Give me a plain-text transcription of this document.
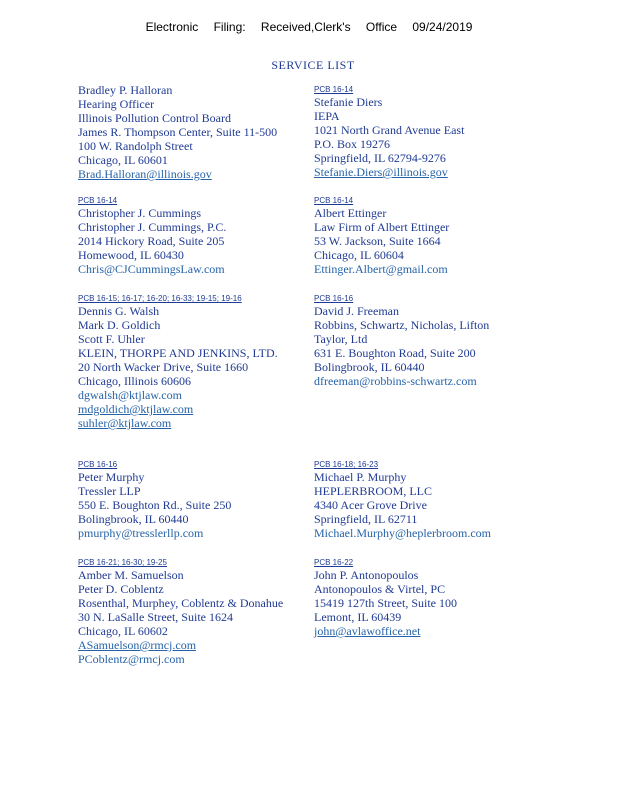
Electronic Filing: Received,Clerk's Office 09/24/2019
SERVICE LIST
Bradley P. Halloran
Hearing Officer
Illinois Pollution Control Board
James R. Thompson Center, Suite 11-500
100 W. Randolph Street
Chicago, IL 60601
Brad.Halloran@illinois.gov
PCB 16-14
Stefanie Diers
IEPA
1021 North Grand Avenue East
P.O. Box 19276
Springfield, IL 62794-9276
Stefanie.Diers@illinois.gov
PCB 16-14
Christopher J. Cummings
Christopher J. Cummings, P.C.
2014 Hickory Road, Suite 205
Homewood, IL 60430
Chris@CJCummingsLaw.com
PCB 16-14
Albert Ettinger
Law Firm of Albert Ettinger
53 W. Jackson, Suite 1664
Chicago, IL 60604
Ettinger.Albert@gmail.com
PCB 16-15; 16-17; 16-20; 16-33; 19-15; 19-16
Dennis G. Walsh
Mark D. Goldich
Scott F. Uhler
KLEIN, THORPE AND JENKINS, LTD.
20 North Wacker Drive, Suite 1660
Chicago, Illinois 60606
dgwalsh@ktjlaw.com
mdgoldich@ktjlaw.com
suhler@ktjlaw.com
PCB 16-16
David J. Freeman
Robbins, Schwartz, Nicholas, Lifton
Taylor, Ltd
631 E. Boughton Road, Suite 200
Bolingbrook, IL 60440
dfreeman@robbins-schwartz.com
PCB 16-16
Peter Murphy
Tressler LLP
550 E. Boughton Rd., Suite 250
Bolingbrook, IL 60440
pmurphy@tresslerllp.com
PCB 16-18; 16-23
Michael P. Murphy
HEPLERBROOM, LLC
4340 Acer Grove Drive
Springfield, IL 62711
Michael.Murphy@heplerbroom.com
PCB 16-21; 16-30; 19-25
Amber M. Samuelson
Peter D. Coblentz
Rosenthal, Murphey, Coblentz & Donahue
30 N. LaSalle Street, Suite 1624
Chicago, IL 60602
ASamuelson@rmcj.com
PCoblentz@rmcj.com
PCB 16-22
John P. Antonopoulos
Antonopoulos & Virtel, PC
15419 127th Street, Suite 100
Lemont, IL 60439
john@avlawoffice.net
